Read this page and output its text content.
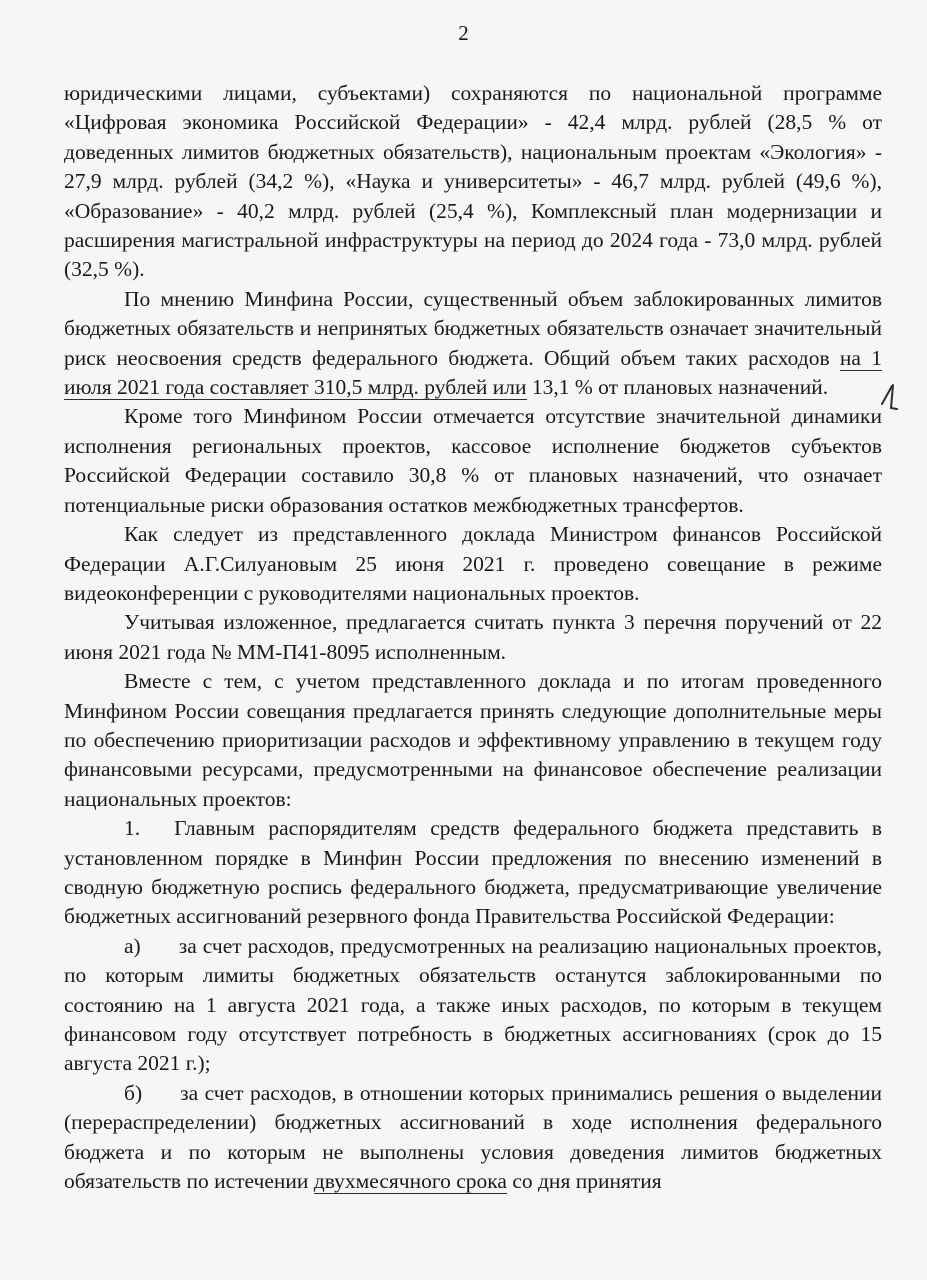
2

юридическими лицами, субъектами) сохраняются по национальной программе «Цифровая экономика Российской Федерации» - 42,4 млрд. рублей (28,5 % от доведенных лимитов бюджетных обязательств), национальным проектам «Экология» - 27,9 млрд. рублей (34,2 %), «Наука и университеты» - 46,7 млрд. рублей (49,6 %), «Образование» - 40,2 млрд. рублей (25,4 %), Комплексный план модернизации и расширения магистральной инфраструктуры на период до 2024 года - 73,0 млрд. рублей (32,5 %).

По мнению Минфина России, существенный объем заблокированных лимитов бюджетных обязательств и непринятых бюджетных обязательств означает значительный риск неосвоения средств федерального бюджета. Общий объем таких расходов на 1 июля 2021 года составляет 310,5 млрд. рублей или 13,1 % от плановых назначений.

Кроме того Минфином России отмечается отсутствие значительной динамики исполнения региональных проектов, кассовое исполнение бюджетов субъектов Российской Федерации составило 30,8 % от плановых назначений, что означает потенциальные риски образования остатков межбюджетных трансфертов.

Как следует из представленного доклада Министром финансов Российской Федерации А.Г.Силуановым 25 июня 2021 г. проведено совещание в режиме видеоконференции с руководителями национальных проектов.

Учитывая изложенное, предлагается считать пункта 3 перечня поручений от 22 июня 2021 года № ММ-П41-8095 исполненным.

Вместе с тем, с учетом представленного доклада и по итогам проведенного Минфином России совещания предлагается принять следующие дополнительные меры по обеспечению приоритизации расходов и эффективному управлению в текущем году финансовыми ресурсами, предусмотренными на финансовое обеспечение реализации национальных проектов:

1. Главным распорядителям средств федерального бюджета представить в установленном порядке в Минфин России предложения по внесению изменений в сводную бюджетную роспись федерального бюджета, предусматривающие увеличение бюджетных ассигнований резервного фонда Правительства Российской Федерации:

а) за счет расходов, предусмотренных на реализацию национальных проектов, по которым лимиты бюджетных обязательств останутся заблокированными по состоянию на 1 августа 2021 года, а также иных расходов, по которым в текущем финансовом году отсутствует потребность в бюджетных ассигнованиях (срок до 15 августа 2021 г.);

б) за счет расходов, в отношении которых принимались решения о выделении (перераспределении) бюджетных ассигнований в ходе исполнения федерального бюджета и по которым не выполнены условия доведения лимитов бюджетных обязательств по истечении двухмесячного срока со дня принятия
